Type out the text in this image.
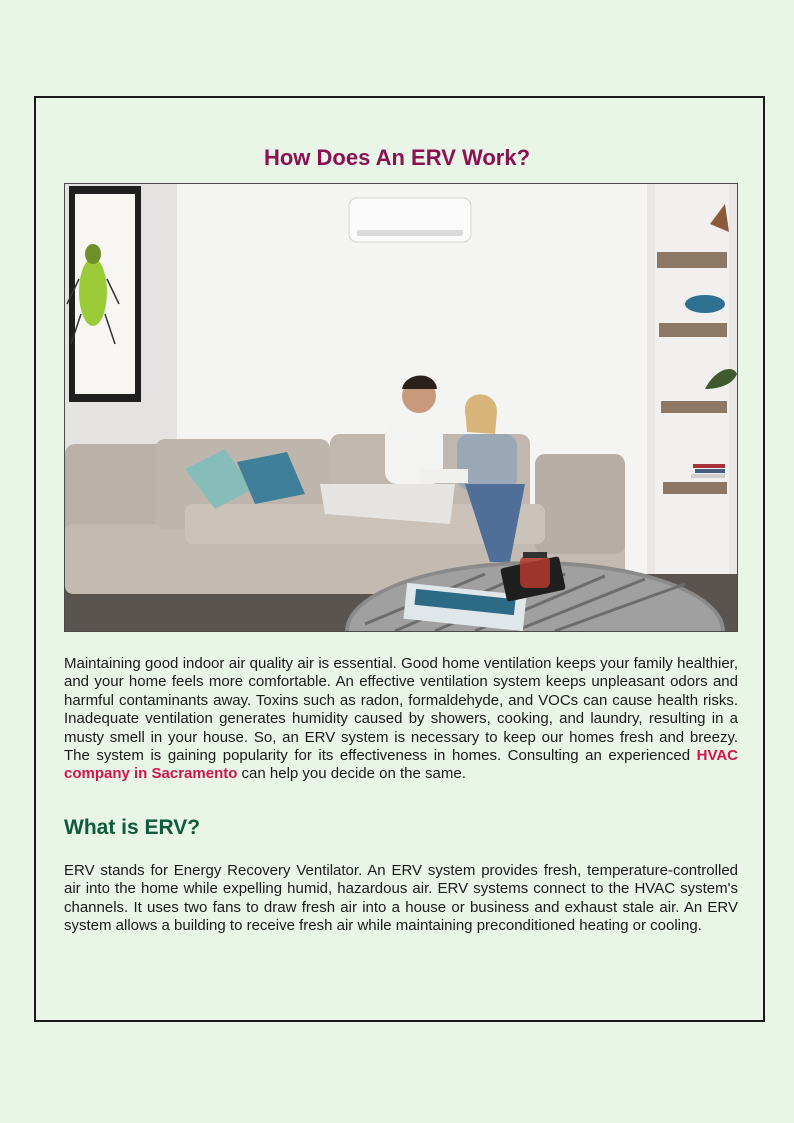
How Does An ERV Work?

Maintaining good indoor air quality air is essential. Good home ventilation keeps your family healthier, and your home feels more comfortable. An effective ventilation system keeps unpleasant odors and harmful contaminants away. Toxins such as radon, formaldehyde, and VOCs can cause health risks. Inadequate ventilation generates humidity caused by showers, cooking, and laundry, resulting in a musty smell in your house. So, an ERV system is necessary to keep our homes fresh and breezy. The system is gaining popularity for its effectiveness in homes. Consulting an experienced HVAC company in Sacramento can help you decide on the same.

What is ERV?

ERV stands for Energy Recovery Ventilator. An ERV system provides fresh, temperature-controlled air into the home while expelling humid, hazardous air. ERV systems connect to the HVAC system's channels. It uses two fans to draw fresh air into a house or business and exhaust stale air. An ERV system allows a building to receive fresh air while maintaining preconditioned heating or cooling.
